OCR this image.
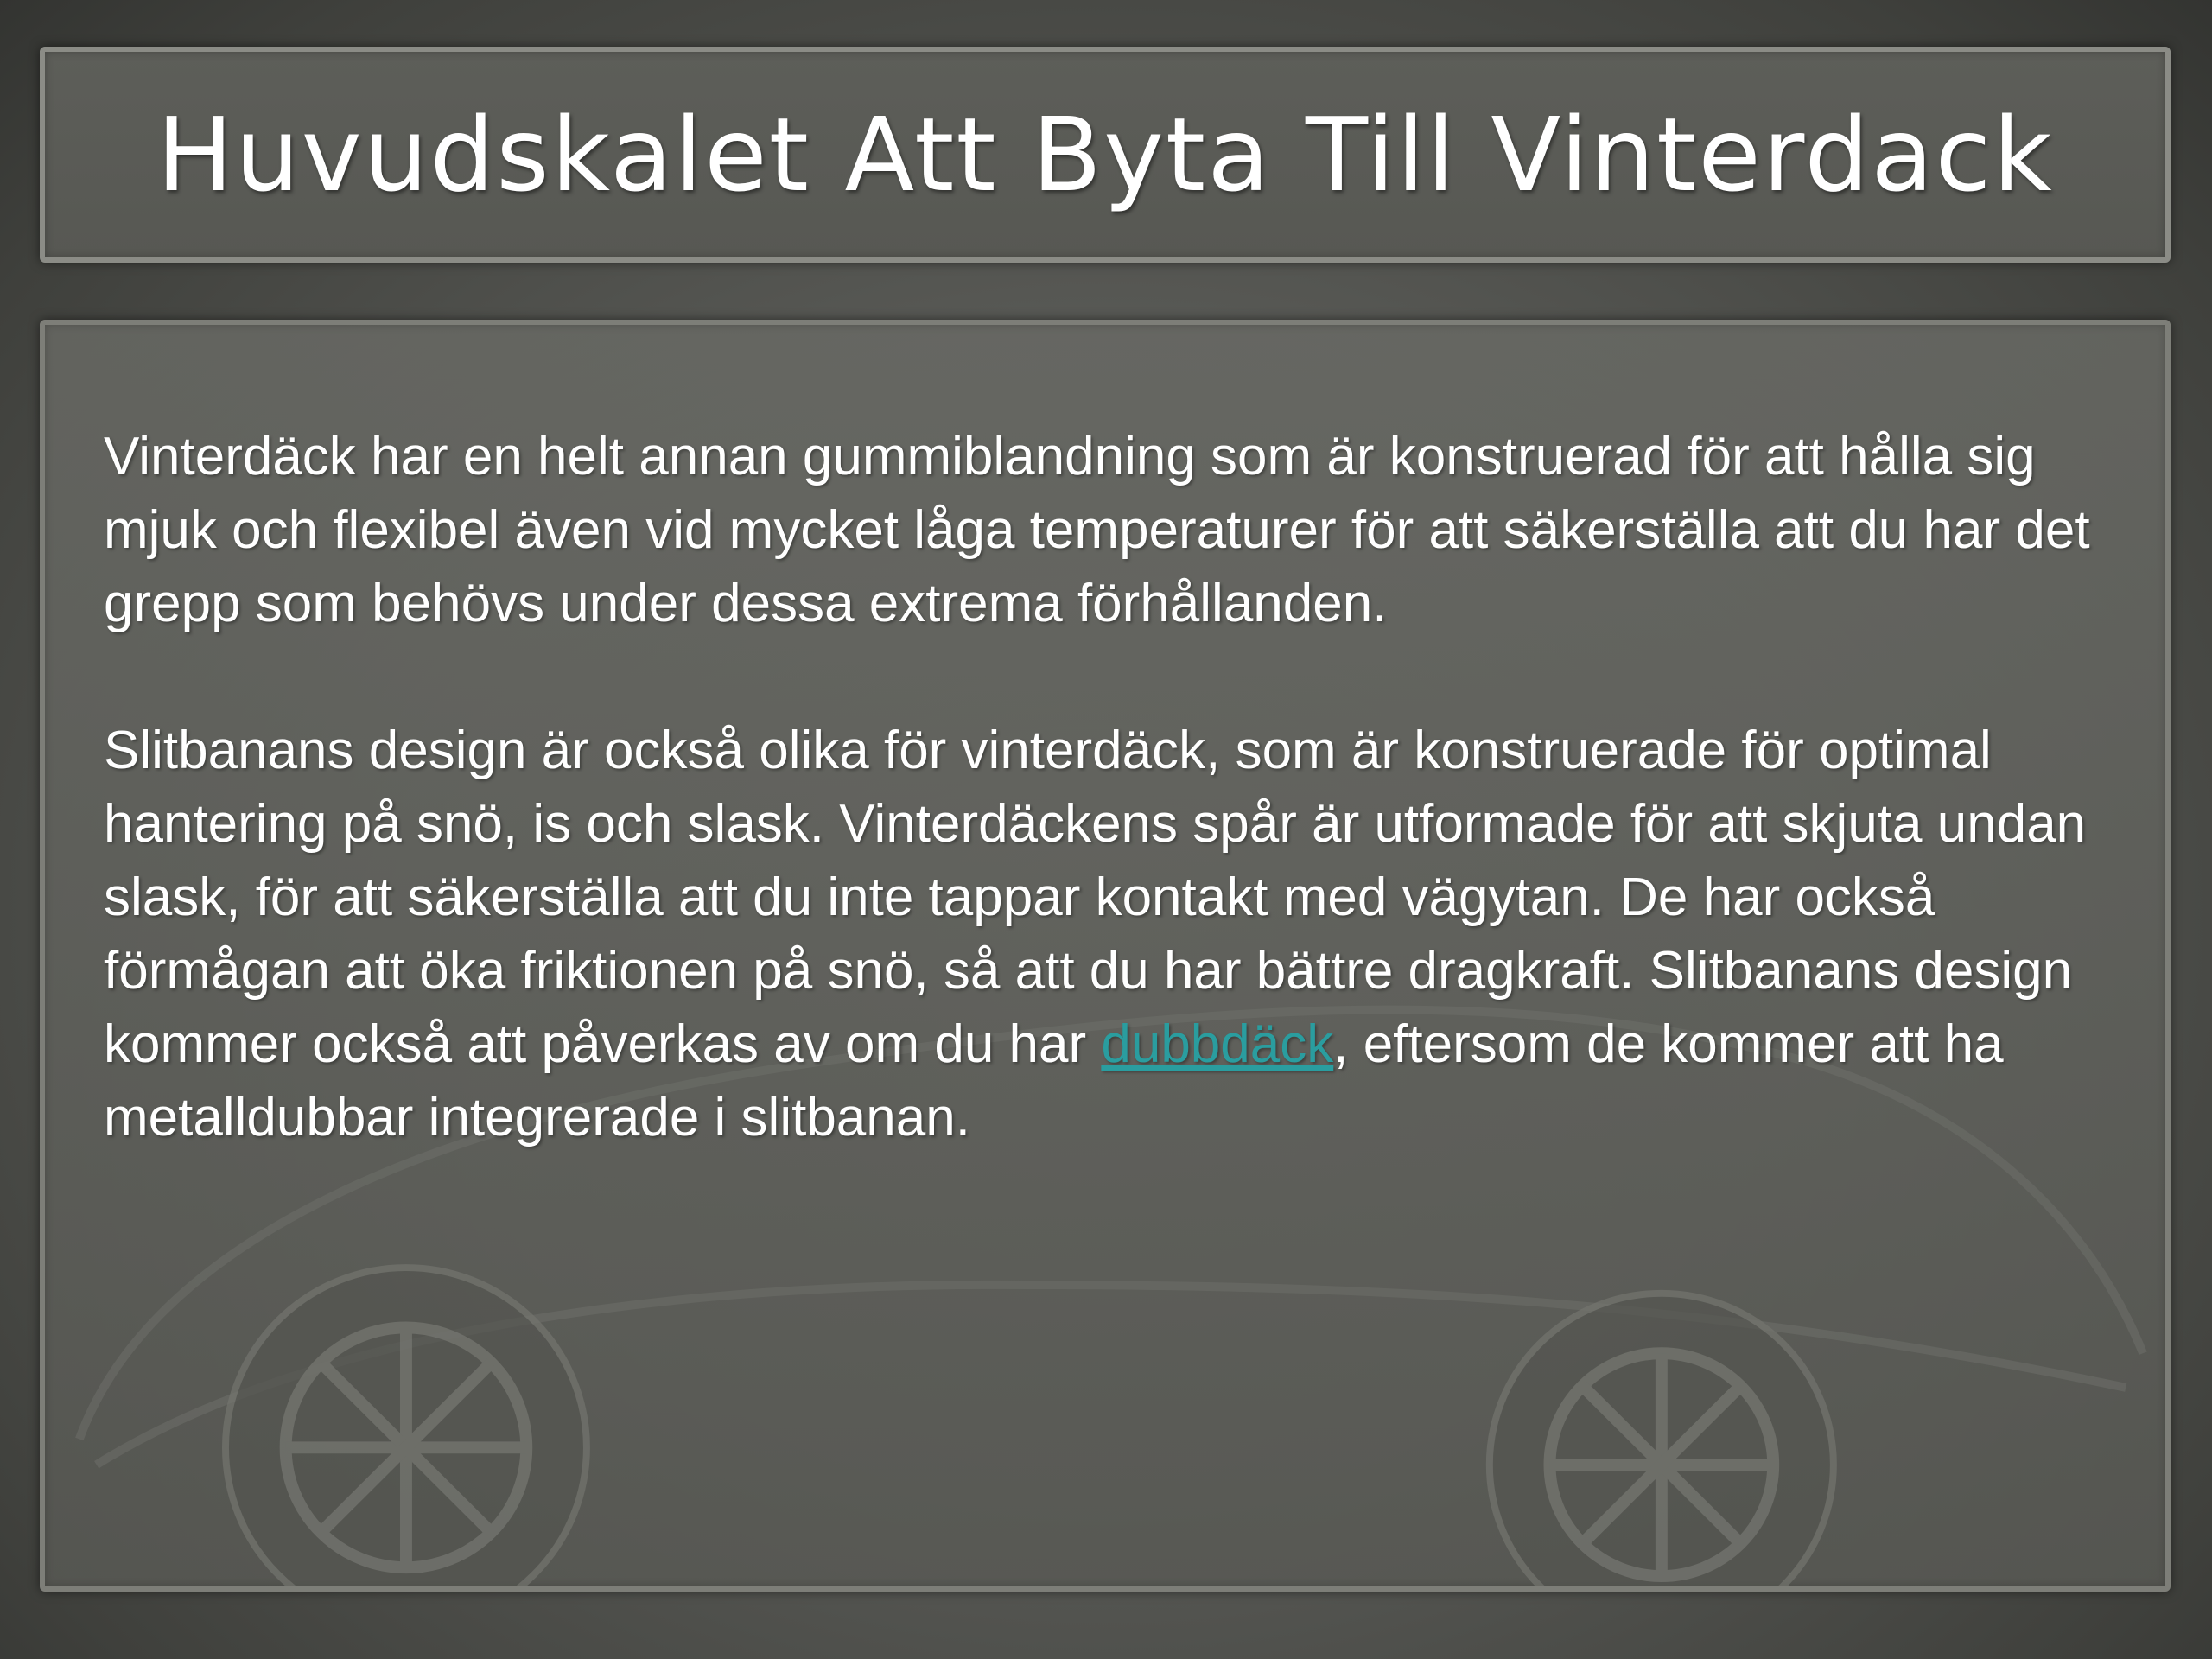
Huvudskalet Att Byta Till Vinterdack

Vinterdäck har en helt annan gummiblandning som är konstruerad för att hålla sig mjuk och flexibel även vid mycket låga temperaturer för att säkerställa att du har det grepp som behövs under dessa extrema förhållanden.

Slitbanans design är också olika för vinterdäck, som är konstruerade för optimal hantering på snö, is och slask. Vinterdäckens spår är utformade för att skjuta undan slask, för att säkerställa att du inte tappar kontakt med vägytan. De har också förmågan att öka friktionen på snö, så att du har bättre dragkraft. Slitbanans design kommer också att påverkas av om du har dubbdäck, eftersom de kommer att ha metalldubbar integrerade i slitbanan.
